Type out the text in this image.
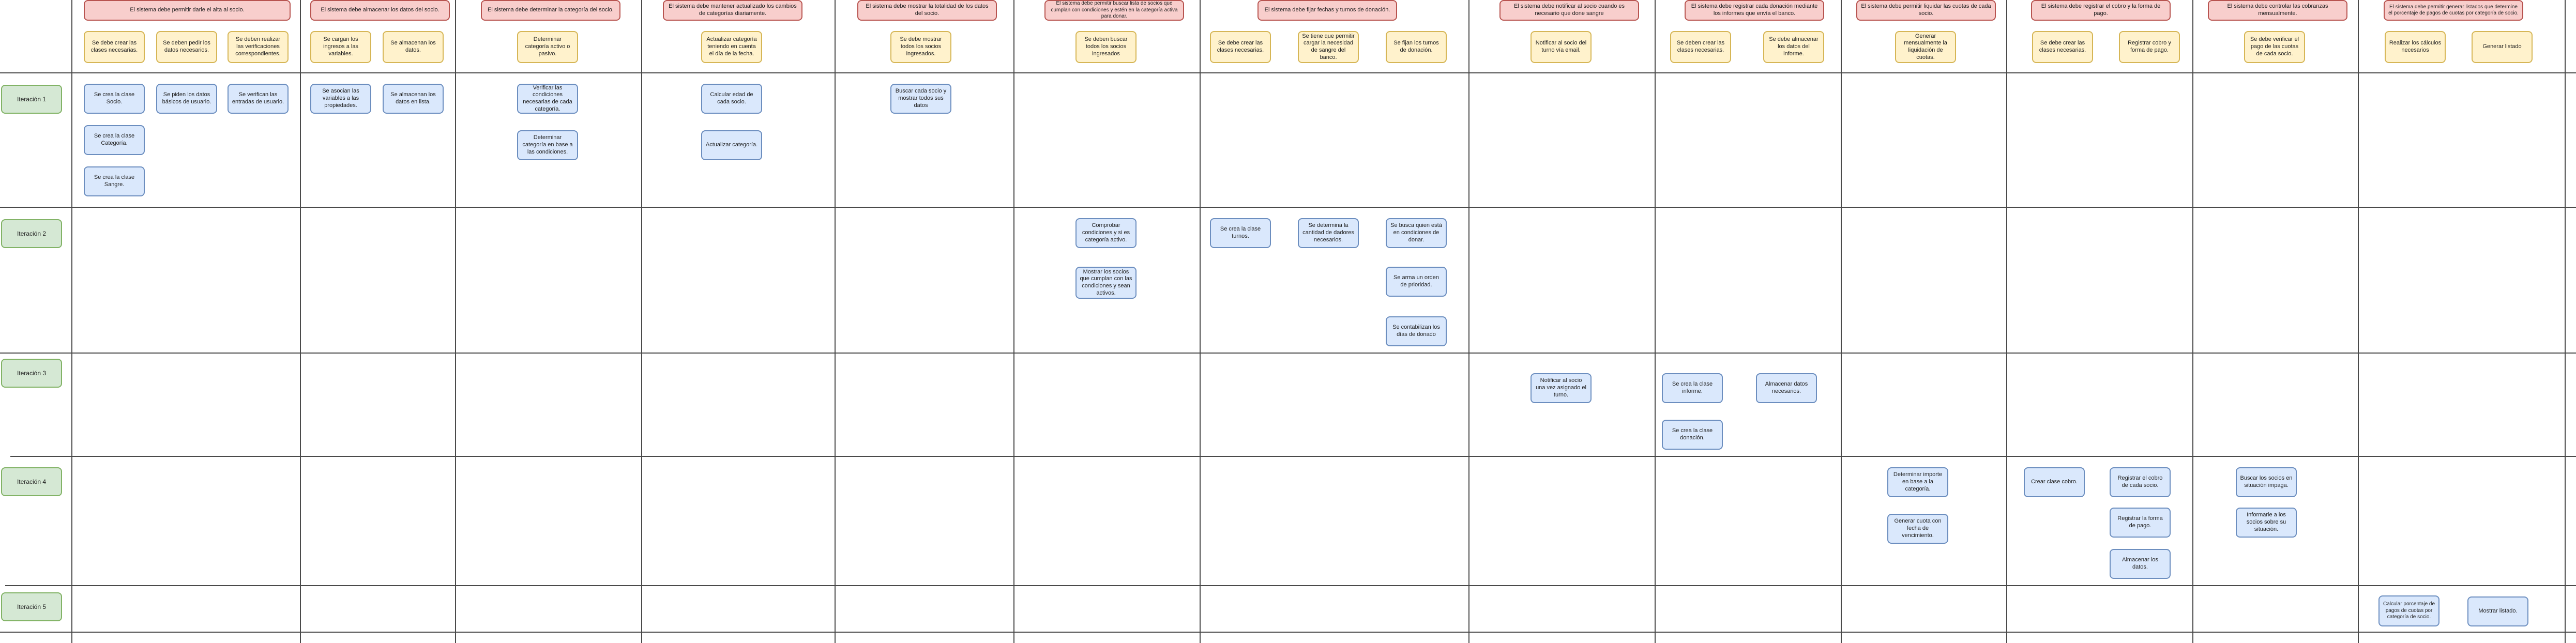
Iteración 1
Iteración 2
Iteración 3
Iteración 4
Iteración 5
El sistema debe permitir darle el alta al socio.	El sistema debe almacenar los datos del socio.	El sistema debe determinar la categoría del socio.
El sistema debe mantener actualizado los cambios de categorías diariamente.
El sistema debe mostrar la totalidad de los datos del socio.
El sistema debe permitir buscar lista de socios que cumplan con condiciones y estén en la categoría activa para donar.
El sistema debe fijar fechas y turnos de donación.
El sistema debe notificar al socio cuando es necesario que done sangre
El sistema debe registrar cada donación mediante los informes que envía el banco.
El sistema debe permitir liquidar las cuotas de cada socio.
El sistema debe registrar el cobro y la forma de pago.
El sistema debe controlar las cobranzas mensualmente.
El sistema debe permitir generar listados que determine el porcentaje de pagos de cuotas por categoría de socio.
Se debe crear las clases necesarias.
Se deben pedir los datos necesarios.
Se deben realizar las verificaciones correspondientes.
Se cargan los ingresos a las variables.
Se almacenan los datos.
Determinar categoría activo o pasivo.
Actualizar categoría teniendo en cuenta el día de la fecha.
Se debe mostrar todos los socios ingresados.
Se deben buscar todos los socios ingresados
Se debe crear las clases necesarias.
Se tiene que permitir cargar la necesidad de sangre del banco.
Se fijan los turnos de donación.
Notificar al socio del turno vía email.
Se deben crear las clases necesarias.
Se debe almacenar los datos del informe.
Generar mensualmente la liquidación de cuotas.
Se debe crear las clases necesarias.
Registrar cobro y forma de pago.
Se debe verificar el pago de las cuotas de cada socio.
Realizar los cálculos necesarios
Generar listado
Se crea la clase Socio.
Se crea la clase Categoría.
Se crea la clase Sangre.
Se piden los datos básicos de usuario.
Se verifican las entradas de usuario.
Se asocian las variables a las propiedades.
Se almacenan los datos en lista.
Verificar las condiciones necesarias de cada categoría.
Determinar categoría en base a las condiciones.
Calcular edad de cada socio.
Actualizar categoría.
Buscar cada socio y mostrar todos sus datos
Comprobar condiciones y si es categoría activo.
Mostrar los socios que cumplan con las condiciones y sean activos.
Se crea la clase turnos.
Se determina la cantidad de dadores necesarios.
Se busca quien está en condiciones de donar.
Se arma un orden de prioridad.
Se contabilizan los días de donado
Notificar al socio una vez asignado el turno.
Se crea la clase informe.
Almacenar datos necesarios.
Se crea la clase donación.
Determinar importe en base a la categoría.
Generar cuota con fecha de vencimiento.
Crear clase cobro.
Registrar el cobro de cada socio.
Registrar la forma de pago.
Almacenar los datos.
Buscar los socios en situación impaga.
Informarle a los socios sobre su situación.
Calcular porcentaje de pagos de cuotas por categoría de socio.
Mostrar listado.
